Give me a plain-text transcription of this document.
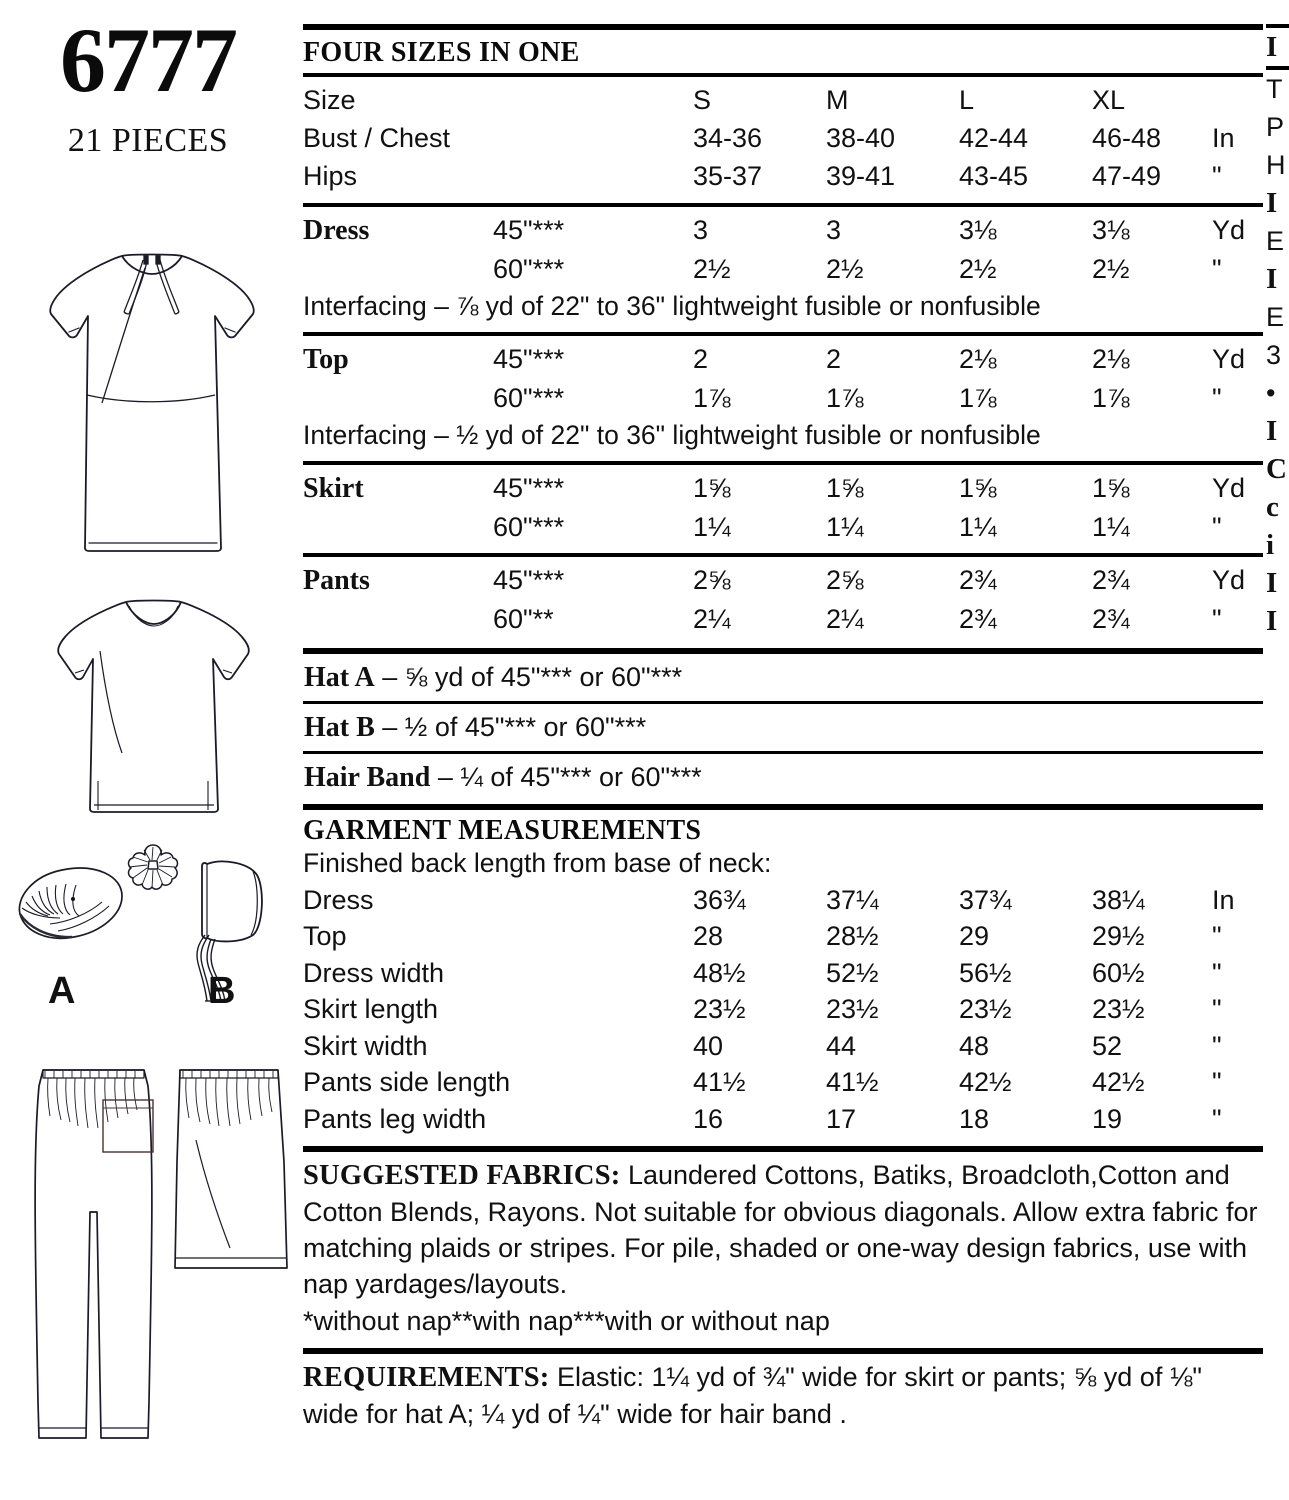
6777
21 PIECES
A	B
FOUR SIZES IN ONE
Size	S	M	L	XL
Bust / Chest	34-36	38-40	42-44	46-48	In
Hips	35-37	39-41	43-45	47-49	"
Dress	45"***	3	3	3⅛	3⅛	Yd
60"***	2½	2½	2½	2½	"
Interfacing – ⅞ yd of 22" to 36" lightweight fusible or nonfusible
Top	45"***	2	2	2⅛	2⅛	Yd
60"***	1⅞	1⅞	1⅞	1⅞	"
Interfacing – ½ yd of 22" to 36" lightweight fusible or nonfusible
Skirt	45"***	1⅝	1⅝	1⅝	1⅝	Yd
60"***	1¼	1¼	1¼	1¼	"
Pants	45"***	2⅝	2⅝	2¾	2¾	Yd
60"**	2¼	2¼	2¾	2¾	"
Hat A – ⅝ yd of 45"*** or 60"***
Hat B – ½ of 45"*** or 60"***
Hair Band – ¼ of 45"*** or 60"***
GARMENT MEASUREMENTS
Finished back length from base of neck:
Dress	36¾	37¼	37¾	38¼	In
Top	28	28½	29	29½	"
Dress width	48½	52½	56½	60½	"
Skirt length	23½	23½	23½	23½	"
Skirt width	40	44	48	52	"
Pants side length	41½	41½	42½	42½	"
Pants leg width	16	17	18	19	"
SUGGESTED FABRICS: Laundered Cottons, Batiks, Broadcloth,Cotton and Cotton Blends, Rayons. Not suitable for obvious diagonals. Allow extra fabric for matching plaids or stripes. For pile, shaded or one-way design fabrics, use with nap yardages/layouts.
*without nap**with nap***with or without nap
REQUIREMENTS: Elastic: 1¼ yd of ¾" wide for skirt or pants; ⅝ yd of ⅛" wide for hat A; ¼ yd of ¼" wide for hair band .
I
T
P
H
I
E
I
E
3
•
I
C
c
i
I
I
